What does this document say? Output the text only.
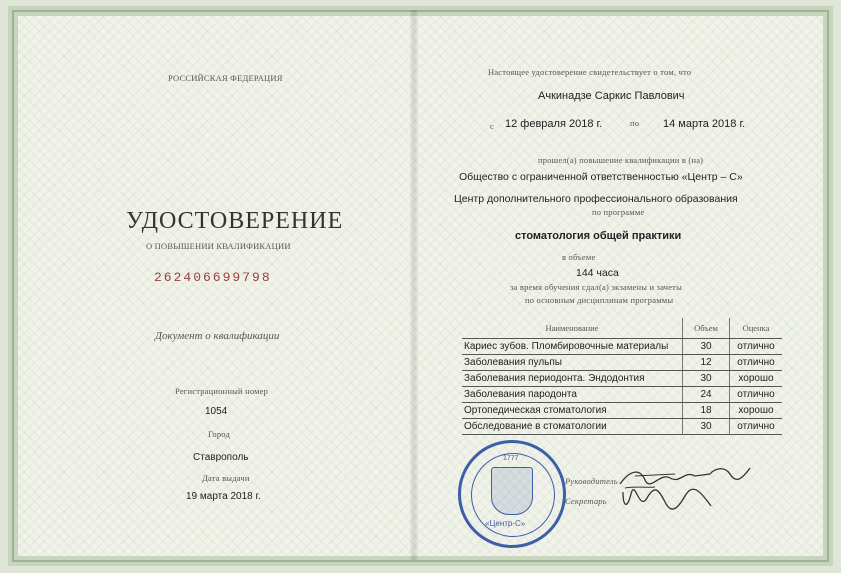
РОССИЙСКАЯ ФЕДЕРАЦИЯ
УДОСТОВЕРЕНИЕ
О ПОВЫШЕНИИ КВАЛИФИКАЦИИ
262406699798
Документ о квалификации
Регистрационный номер
1054
Город
Ставрополь
Дата выдачи
19 марта 2018 г.
Настоящее удостоверение свидетельствует о том, что
Ачкинадзе Саркис Павлович
с 12 февраля 2018 г.	по 14 марта 2018 г.
прошел(а) повышение квалификации в (на)
Общество с ограниченной ответственностью «Центр – С»
Центр дополнительного профессионального образования
по программе
стоматология общей практики
в объеме
144 часа
за время обучения сдал(а) экзамены и зачеты
по основным дисциплинам программы
Наименование	Объем	Оценка
Кариес зубов. Пломбировочные материалы	30	отлично
Заболевания пульпы	12	отлично
Заболевания периодонта. Эндодонтия	30	хорошо
Заболевания пародонта	24	отлично
Ортопедическая стоматология	18	хорошо
Обследование в стоматологии	30	отлично
1777
«Центр-С»
Руководитель
Секретарь
